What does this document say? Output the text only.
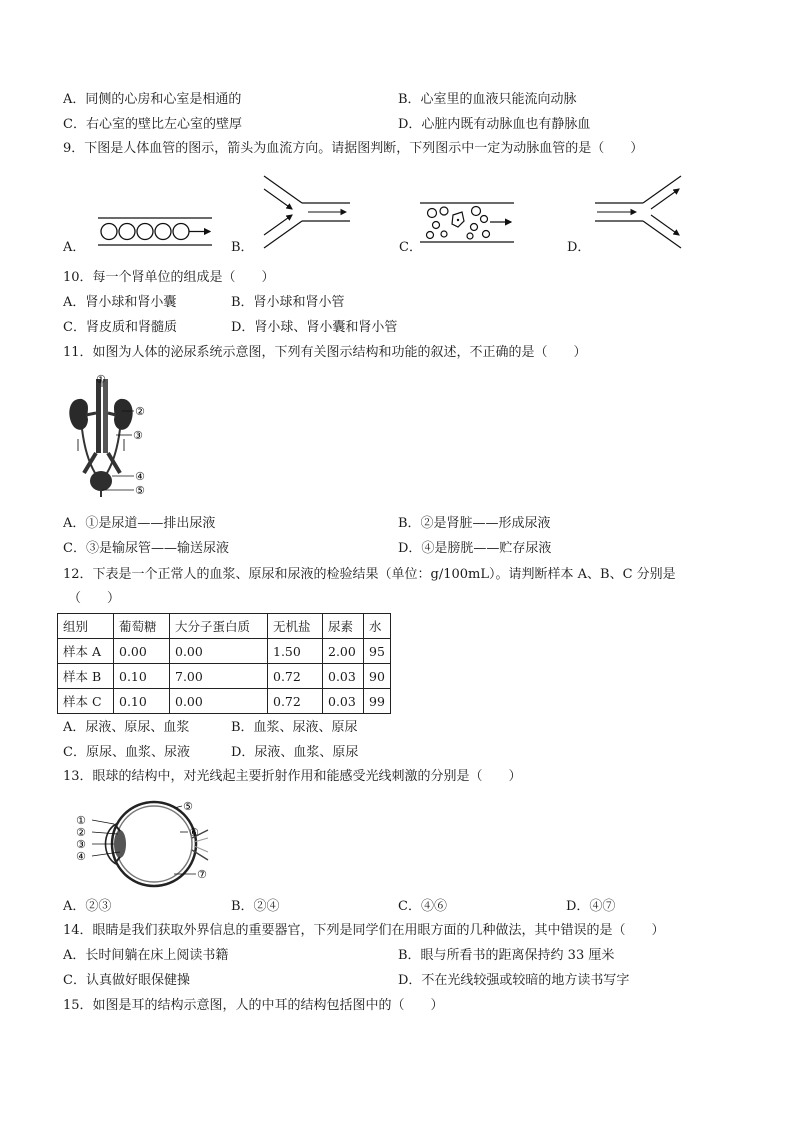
A．同侧的心房和心室是相通的	B．心室里的血液只能流向动脉
C．右心室的壁比左心室的壁厚	D．心脏内既有动脉血也有静脉血
9．下图是人体血管的图示，箭头为血流方向。请据图判断，下列图示中一定为动脉血管的是（　　）
A．	B．	C．	D．
10．每一个肾单位的组成是（　　）
A．肾小球和肾小囊	B．肾小球和肾小管
C．肾皮质和肾髓质	D．肾小球、肾小囊和肾小管
11．如图为人体的泌尿系统示意图，下列有关图示结构和功能的叙述，不正确的是（　　）
①
②
③
④
⑤
A．①是尿道——排出尿液	B．②是肾脏——形成尿液
C．③是输尿管——输送尿液	D．④是膀胱——贮存尿液
12．下表是一个正常人的血浆、原尿和尿液的检验结果（单位：g/100mL）。请判断样本 A、B、C 分别是
（　　）
组别	葡萄糖	大分子蛋白质	无机盐	尿素	水
样本 A	0.00	0.00	1.50	2.00	95
样本 B	0.10	7.00	0.72	0.03	90
样本 C	0.10	0.00	0.72	0.03	99
A．尿液、原尿、血浆	B．血浆、尿液、原尿
C．原尿、血浆、尿液	D．尿液、血浆、原尿
13．眼球的结构中，对光线起主要折射作用和能感受光线刺激的分别是（　　）
①
②
③
④
⑤
⑥
⑦
A．②③	B．②④	C．④⑥	D．④⑦
14．眼睛是我们获取外界信息的重要器官，下列是同学们在用眼方面的几种做法，其中错误的是（　　）
A．长时间躺在床上阅读书籍	B．眼与所看书的距离保持约 33 厘米
C．认真做好眼保健操	D．不在光线较强或较暗的地方读书写字
15．如图是耳的结构示意图，人的中耳的结构包括图中的（　　）
